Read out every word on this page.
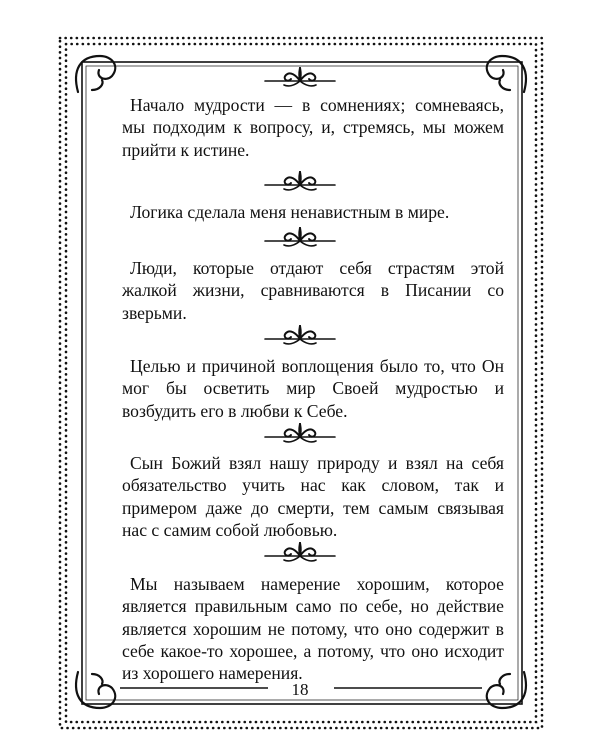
Начало мудрости — в сомнениях; сомневаясь, мы подходим к вопросу, и, стремясь, мы можем прийти к истине.

Логика сделала меня ненавистным в мире.

Люди, которые отдают себя страстям этой жалкой жизни, сравниваются в Писании со зверьми.

Целью и причиной воплощения было то, что Он мог бы осветить мир Своей мудростью и возбудить его в любви к Себе.

Сын Божий взял нашу природу и взял на себя обязательство учить нас как словом, так и примером даже до смерти, тем самым связывая нас с самим собой любовью.

Мы называем намерение хорошим, которое является правильным само по себе, но действие является хорошим не потому, что оно содержит в себе какое-то хорошее, а потому, что оно исходит из хорошего намерения.

18
